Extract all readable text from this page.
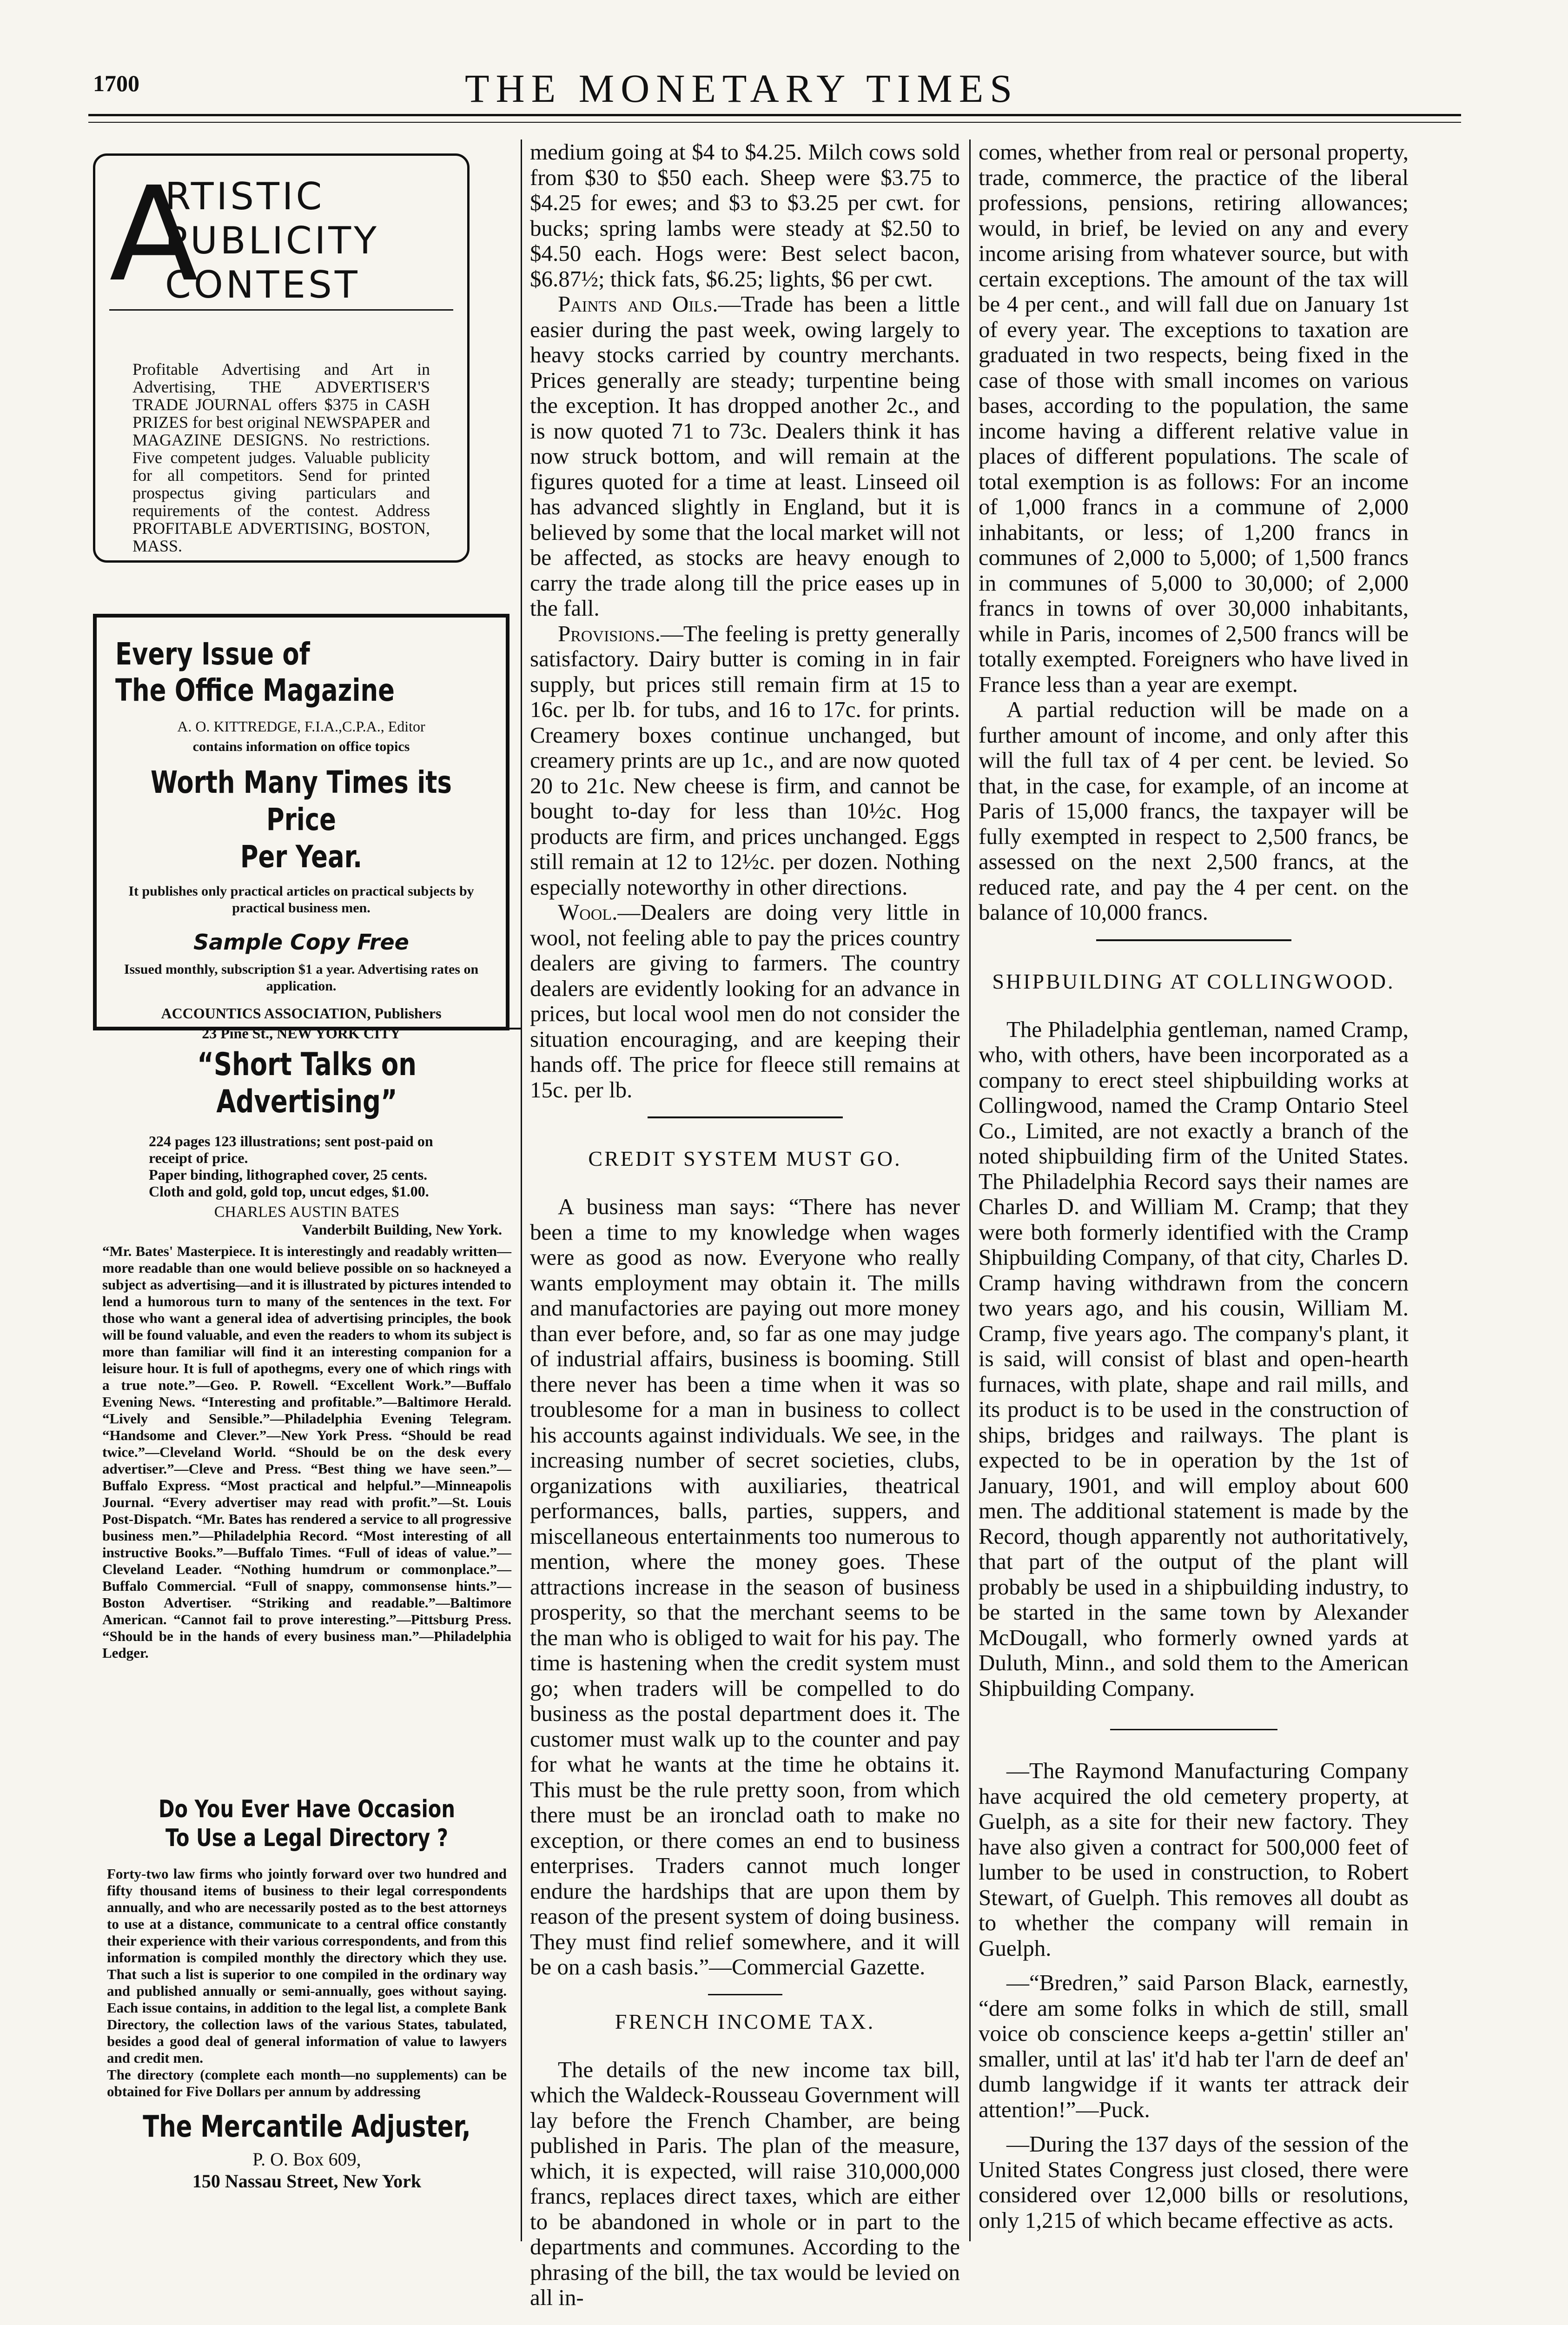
1700	THE MONETARY TIMES
A
RTISTIC
PUBLICITY
CONTEST
Profitable Advertising and Art in Advertising, THE ADVERTISER'S TRADE JOURNAL offers $375 in CASH PRIZES for best original NEWSPAPER and MAGAZINE DESIGNS. No restrictions. Five competent judges. Valuable publicity for all competitors. Send for printed prospectus giving particulars and requirements of the contest. Address PROFITABLE ADVERTISING, BOSTON, MASS.
Every Issue of
The Office Magazine
A. O. KITTREDGE, F.I.A.,C.P.A., Editor
contains information on office topics
Worth Many Times its Price
Per Year.
It publishes only practical articles on practical subjects by practical business men.
Sample Copy Free
Issued monthly, subscription $1 a year. Advertising rates on application.
ACCOUNTICS ASSOCIATION, Publishers
23 Pine St., NEW YORK CITY
“Short Talks on Advertising”
224 pages 123 illustrations; sent post-paid on receipt of price.
Paper binding, lithographed cover, 25 cents. Cloth and gold, gold top, uncut edges, $1.00.
CHARLES AUSTIN BATES
Vanderbilt Building, New York.
“Mr. Bates' Masterpiece. It is interestingly and readably written—more readable than one would believe possible on so hackneyed a subject as advertising—and it is illustrated by pictures intended to lend a humorous turn to many of the sentences in the text. For those who want a general idea of advertising principles, the book will be found valuable, and even the readers to whom its subject is more than familiar will find it an interesting companion for a leisure hour. It is full of apothegms, every one of which rings with a true note.”—Geo. P. Rowell. “Excellent Work.”—Buffalo Evening News. “Interesting and profitable.”—Baltimore Herald. “Lively and Sensible.”—Philadelphia Evening Telegram. “Handsome and Clever.”—New York Press. “Should be read twice.”—Cleveland World. “Should be on the desk every advertiser.”—Cleve and Press. “Best thing we have seen.”—Buffalo Express. “Most practical and helpful.”—Minneapolis Journal. “Every advertiser may read with profit.”—St. Louis Post-Dispatch. “Mr. Bates has rendered a service to all progressive business men.”—Philadelphia Record. “Most interesting of all instructive Books.”—Buffalo Times. “Full of ideas of value.”—Cleveland Leader. “Nothing humdrum or commonplace.”—Buffalo Commercial. “Full of snappy, commonsense hints.”—Boston Advertiser. “Striking and readable.”—Baltimore American. “Cannot fail to prove interesting.”—Pittsburg Press. “Should be in the hands of every business man.”—Philadelphia Ledger.
Do You Ever Have Occasion
To Use a Legal Directory ?
Forty-two law firms who jointly forward over two hundred and fifty thousand items of business to their legal correspondents annually, and who are necessarily posted as to the best attorneys to use at a distance, communicate to a central office constantly their experience with their various correspondents, and from this information is compiled monthly the directory which they use. That such a list is superior to one compiled in the ordinary way and published annually or semi-annually, goes without saying. Each issue contains, in addition to the legal list, a complete Bank Directory, the collection laws of the various States, tabulated, besides a good deal of general information of value to lawyers and credit men.
The directory (complete each month—no supplements) can be obtained for Five Dollars per annum by addressing
The Mercantile Adjuster,
P. O. Box 609,
150 Nassau Street, New York

medium going at $4 to $4.25. Milch cows sold from $30 to $50 each. Sheep were $3.75 to $4.25 for ewes; and $3 to $3.25 per cwt. for bucks; spring lambs were steady at $2.50 to $4.50 each. Hogs were: Best select bacon, $6.87½; thick fats, $6.25; lights, $6 per cwt.

Paints and Oils.—Trade has been a little easier during the past week, owing largely to heavy stocks carried by country merchants. Prices generally are steady; turpentine being the exception. It has dropped another 2c., and is now quoted 71 to 73c. Dealers think it has now struck bottom, and will remain at the figures quoted for a time at least. Linseed oil has advanced slightly in England, but it is believed by some that the local market will not be affected, as stocks are heavy enough to carry the trade along till the price eases up in the fall.

Provisions.—The feeling is pretty generally satisfactory. Dairy butter is coming in in fair supply, but prices still remain firm at 15 to 16c. per lb. for tubs, and 16 to 17c. for prints. Creamery boxes continue unchanged, but creamery prints are up 1c., and are now quoted 20 to 21c. New cheese is firm, and cannot be bought to-day for less than 10½c. Hog products are firm, and prices unchanged. Eggs still remain at 12 to 12½c. per dozen. Nothing especially noteworthy in other directions.

Wool.—Dealers are doing very little in wool, not feeling able to pay the prices country dealers are giving to farmers. The country dealers are evidently looking for an advance in prices, but local wool men do not consider the situation encouraging, and are keeping their hands off. The price for fleece still remains at 15c. per lb.

CREDIT SYSTEM MUST GO.

A business man says: “There has never been a time to my knowledge when wages were as good as now. Everyone who really wants employment may obtain it. The mills and manufactories are paying out more money than ever before, and, so far as one may judge of industrial affairs, business is booming. Still there never has been a time when it was so troublesome for a man in business to collect his accounts against individuals. We see, in the increasing number of secret societies, clubs, organizations with auxiliaries, theatrical performances, balls, parties, suppers, and miscellaneous entertainments too numerous to mention, where the money goes. These attractions increase in the season of business prosperity, so that the merchant seems to be the man who is obliged to wait for his pay. The time is hastening when the credit system must go; when traders will be compelled to do business as the postal department does it. The customer must walk up to the counter and pay for what he wants at the time he obtains it. This must be the rule pretty soon, from which there must be an ironclad oath to make no exception, or there comes an end to business enterprises. Traders cannot much longer endure the hardships that are upon them by reason of the present system of doing business. They must find relief somewhere, and it will be on a cash basis.”—Commercial Gazette.

FRENCH INCOME TAX.

The details of the new income tax bill, which the Waldeck-Rousseau Government will lay before the French Chamber, are being published in Paris. The plan of the measure, which, it is expected, will raise 310,000,000 francs, replaces direct taxes, which are either to be abandoned in whole or in part to the departments and communes. According to the phrasing of the bill, the tax would be levied on all in-

comes, whether from real or personal property, trade, commerce, the practice of the liberal professions, pensions, retiring allowances; would, in brief, be levied on any and every income arising from whatever source, but with certain exceptions. The amount of the tax will be 4 per cent., and will fall due on January 1st of every year. The exceptions to taxation are graduated in two respects, being fixed in the case of those with small incomes on various bases, according to the population, the same income having a different relative value in places of different populations. The scale of total exemption is as follows: For an income of 1,000 francs in a commune of 2,000 inhabitants, or less; of 1,200 francs in communes of 2,000 to 5,000; of 1,500 francs in communes of 5,000 to 30,000; of 2,000 francs in towns of over 30,000 inhabitants, while in Paris, incomes of 2,500 francs will be totally exempted. Foreigners who have lived in France less than a year are exempt.

A partial reduction will be made on a further amount of income, and only after this will the full tax of 4 per cent. be levied. So that, in the case, for example, of an income at Paris of 15,000 francs, the taxpayer will be fully exempted in respect to 2,500 francs, be assessed on the next 2,500 francs, at the reduced rate, and pay the 4 per cent. on the balance of 10,000 francs.

SHIPBUILDING AT COLLINGWOOD.

The Philadelphia gentleman, named Cramp, who, with others, have been incorporated as a company to erect steel shipbuilding works at Collingwood, named the Cramp Ontario Steel Co., Limited, are not exactly a branch of the noted shipbuilding firm of the United States. The Philadelphia Record says their names are Charles D. and William M. Cramp; that they were both formerly identified with the Cramp Shipbuilding Company, of that city, Charles D. Cramp having withdrawn from the concern two years ago, and his cousin, William M. Cramp, five years ago. The company's plant, it is said, will consist of blast and open-hearth furnaces, with plate, shape and rail mills, and its product is to be used in the construction of ships, bridges and railways. The plant is expected to be in operation by the 1st of January, 1901, and will employ about 600 men. The additional statement is made by the Record, though apparently not authoritatively, that part of the output of the plant will probably be used in a shipbuilding industry, to be started in the same town by Alexander McDougall, who formerly owned yards at Duluth, Minn., and sold them to the American Shipbuilding Company.

—The Raymond Manufacturing Company have acquired the old cemetery property, at Guelph, as a site for their new factory. They have also given a contract for 500,000 feet of lumber to be used in construction, to Robert Stewart, of Guelph. This removes all doubt as to whether the company will remain in Guelph.

—“Bredren,” said Parson Black, earnestly, “dere am some folks in which de still, small voice ob conscience keeps a-gettin' stiller an' smaller, until at las' it'd hab ter l'arn de deef an' dumb langwidge if it wants ter attrack deir attention!”—Puck.

—During the 137 days of the session of the United States Congress just closed, there were considered over 12,000 bills or resolutions, only 1,215 of which became effective as acts.
